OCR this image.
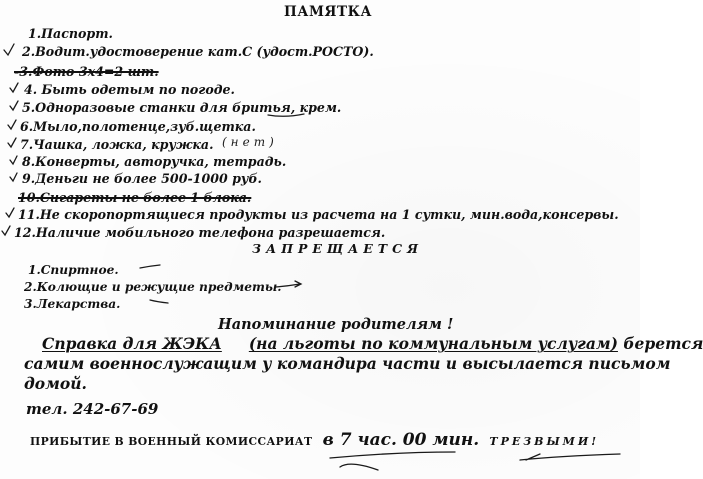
ПАМЯТКА
1.Паспорт.
2.Водит.удостоверение кат.С (удост.РОСТО).
-3.Фото 3х4=2 шт.
4. Быть одетым по погоде.
5.Одноразовые станки для бритья, крем.
6.Мыло,полотенце,зуб.щетка.
7.Чашка, ложка, кружка.
8.Конверты, авторучка, тетрадь.
9.Деньги не более 500-1000 руб.
10.Сигареты не более 1 блока.
11.Не скоропортящиеся продукты из расчета на 1 сутки, мин.вода,консервы.
12.Наличие мобильного телефона разрешается.
ЗАПРЕЩАЕТСЯ
1.Спиртное.
2.Колющие и режущие предметы.
3.Лекарства.
Напоминание родителям !
Справка для ЖЭКА (на льготы по коммунальным услугам) берется
самим военнослужащим у командира части и высылается письмом
домой.
тел. 242-67-69
ПРИБЫТИЕ В ВОЕННЫЙ КОМИССАРИАТ в 7 час. 00 мин. ТРЕЗВЫМИ!
(нет)
